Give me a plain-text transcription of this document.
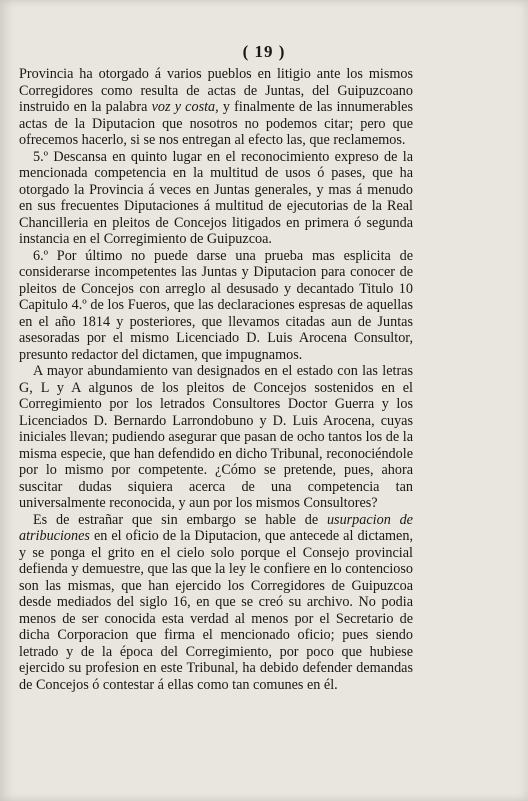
( 19 )

Provincia ha otorgado á varios pueblos en litigio ante los mismos Corregidores como resulta de actas de Juntas, del Guipuzcoano instruido en la palabra voz y costa, y finalmente de las innumerables actas de la Diputacion que nosotros no podemos citar; pero que ofrecemos hacerlo, si se nos entregan al efecto las, que reclamemos.

5.º Descansa en quinto lugar en el reconocimiento expreso de la mencionada competencia en la multitud de usos ó pases, que ha otorgado la Provincia á veces en Juntas generales, y mas á menudo en sus frecuentes Diputaciones á multitud de ejecutorias de la Real Chancilleria en pleitos de Concejos litigados en primera ó segunda instancia en el Corregimiento de Guipuzcoa.

6.º Por último no puede darse una prueba mas esplicita de considerarse incompetentes las Juntas y Diputacion para conocer de pleitos de Concejos con arreglo al desusado y decantado Titulo 10 Capitulo 4.º de los Fueros, que las declaraciones espresas de aquellas en el año 1814 y posteriores, que llevamos citadas aun de Juntas asesoradas por el mismo Licenciado D. Luis Arocena Consultor, presunto redactor del dictamen, que impugnamos.

A mayor abundamiento van designados en el estado con las letras G, L y A algunos de los pleitos de Concejos sostenidos en el Corregimiento por los letrados Consultores Doctor Guerra y los Licenciados D. Bernardo Larrondobuno y D. Luis Arocena, cuyas iniciales llevan; pudiendo asegurar que pasan de ocho tantos los de la misma especie, que han defendido en dicho Tribunal, reconociéndole por lo mismo por competente. ¿Cómo se pretende, pues, ahora suscitar dudas siquiera acerca de una competencia tan universalmente reconocida, y aun por los mismos Consultores?

Es de estrañar que sin embargo se hable de usurpacion de atribuciones en el oficio de la Diputacion, que antecede al dictamen, y se ponga el grito en el cielo solo porque el Consejo provincial defienda y demuestre, que las que la ley le confiere en lo contencioso son las mismas, que han ejercido los Corregidores de Guipuzcoa desde mediados del siglo 16, en que se creó su archivo. No podia menos de ser conocida esta verdad al menos por el Secretario de dicha Corporacion que firma el mencionado oficio; pues siendo letrado y de la época del Corregimiento, por poco que hubiese ejercido su profesion en este Tribunal, ha debido defender demandas de Concejos ó contestar á ellas como tan comunes en él.
